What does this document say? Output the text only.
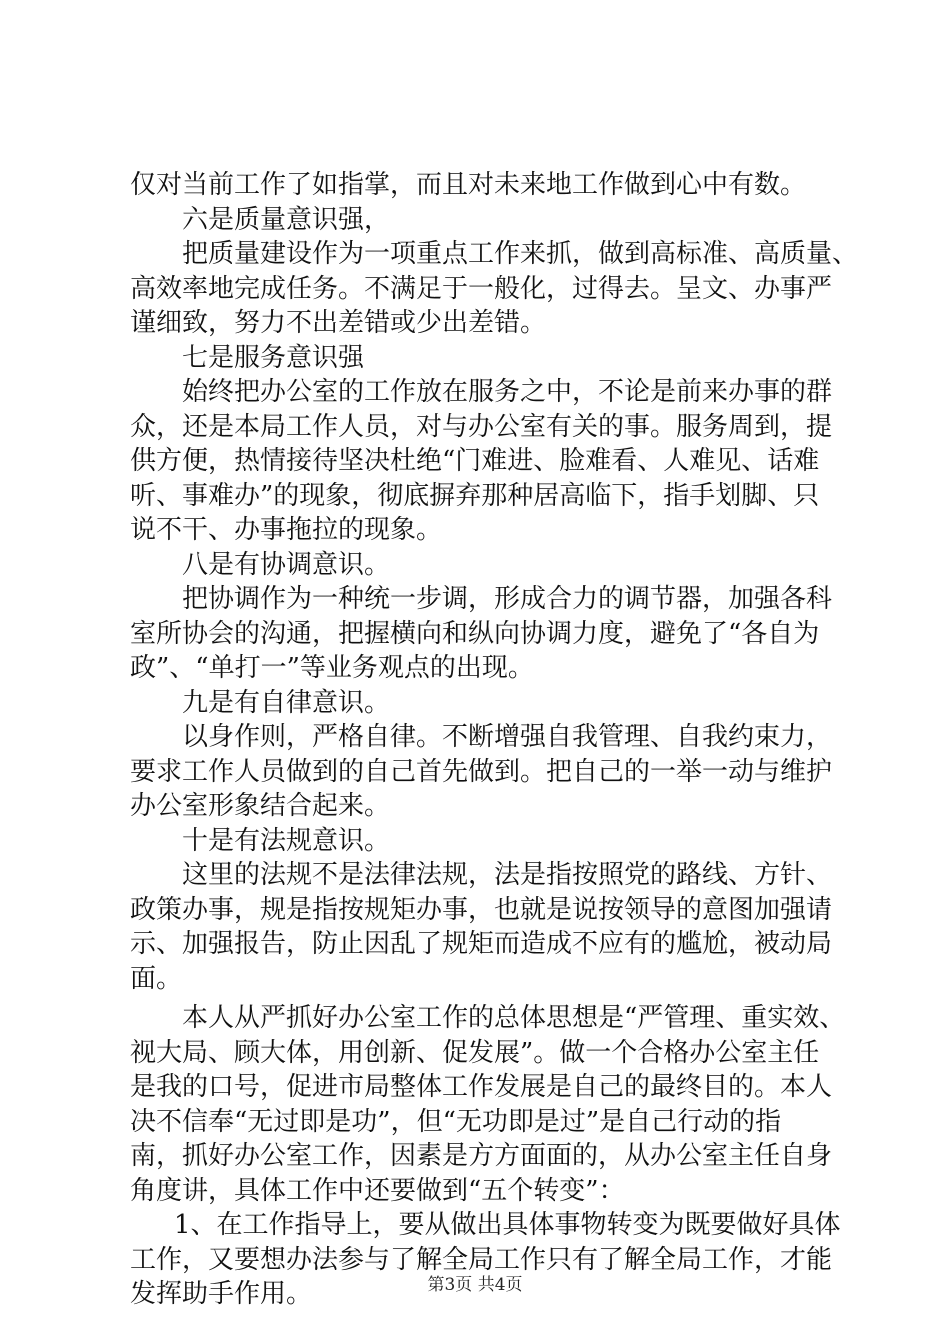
仅对当前工作了如指掌，而且对未来地工作做到心中有数。
六是质量意识强，
把质量建设作为一项重点工作来抓，做到高标准、高质量、
高效率地完成任务。不满足于一般化，过得去。呈文、办事严
谨细致，努力不出差错或少出差错。
七是服务意识强
始终把办公室的工作放在服务之中，不论是前来办事的群
众，还是本局工作人员，对与办公室有关的事。服务周到，提
供方便，热情接待坚决杜绝“门难进、脸难看、人难见、话难
听、事难办”的现象，彻底摒弃那种居高临下，指手划脚、只
说不干、办事拖拉的现象。
八是有协调意识。
把协调作为一种统一步调，形成合力的调节器，加强各科
室所协会的沟通，把握横向和纵向协调力度，避免了“各自为
政”、“单打一”等业务观点的出现。
九是有自律意识。
以身作则，严格自律。不断增强自我管理、自我约束力，
要求工作人员做到的自己首先做到。把自己的一举一动与维护
办公室形象结合起来。
十是有法规意识。
这里的法规不是法律法规，法是指按照党的路线、方针、
政策办事，规是指按规矩办事，也就是说按领导的意图加强请
示、加强报告，防止因乱了规矩而造成不应有的尴尬，被动局
面。
本人从严抓好办公室工作的总体思想是“严管理、重实效、
视大局、顾大体，用创新、促发展”。做一个合格办公室主任
是我的口号，促进市局整体工作发展是自己的最终目的。本人
决不信奉“无过即是功”，但“无功即是过”是自己行动的指
南，抓好办公室工作，因素是方方面面的，从办公室主任自身
角度讲，具体工作中还要做到“五个转变”：
1、在工作指导上，要从做出具体事物转变为既要做好具体
工作，又要想办法参与了解全局工作只有了解全局工作，才能
发挥助手作用。	第3页 共4页
